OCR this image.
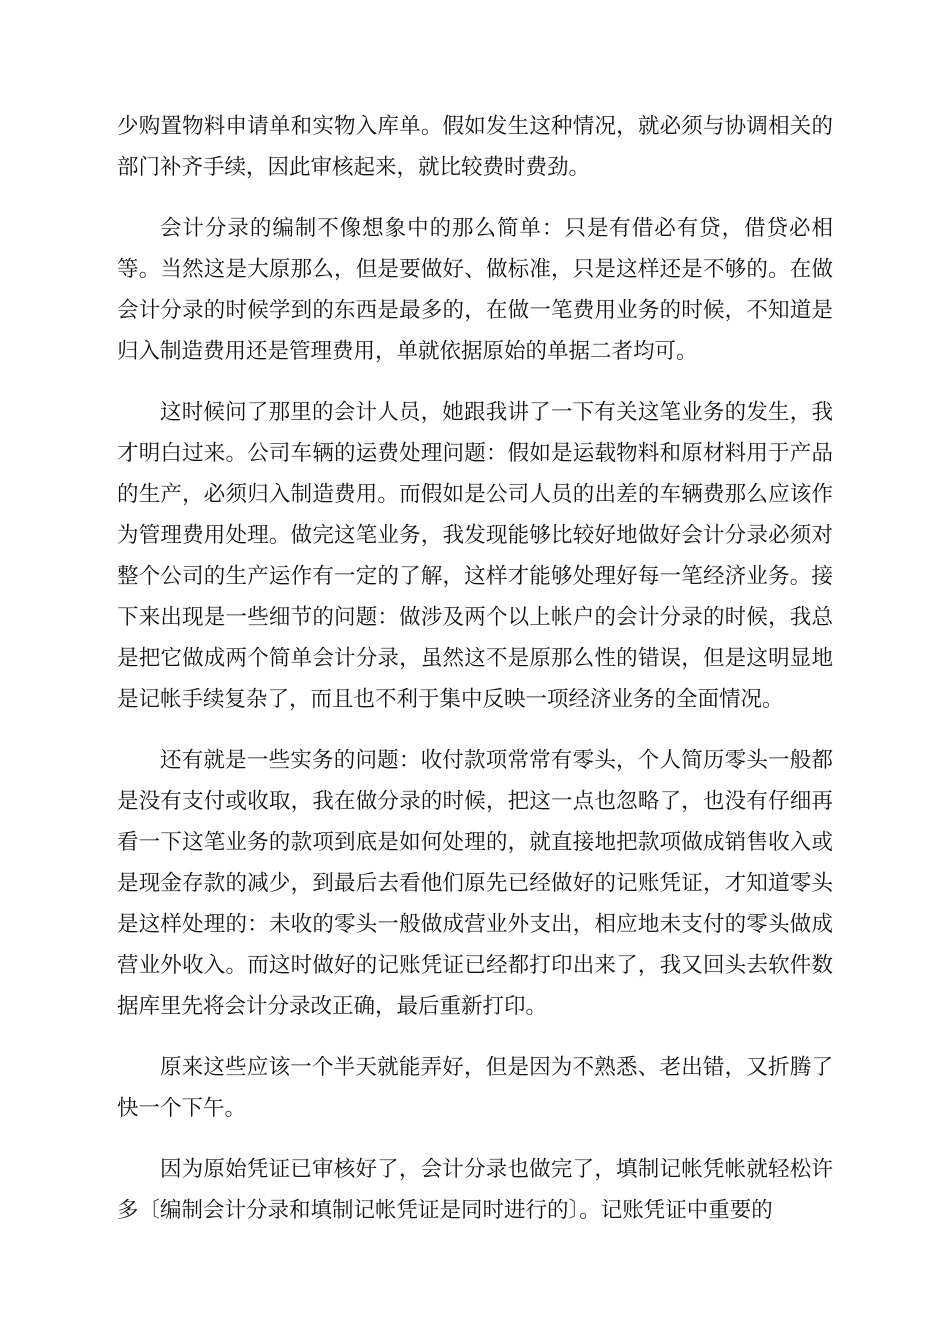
少购置物料申请单和实物入库单。假如发生这种情况，就必须与协调相关的部门补齐手续，因此审核起来，就比较费时费劲。

会计分录的编制不像想象中的那么简单：只是有借必有贷，借贷必相等。当然这是大原那么，但是要做好、做标准，只是这样还是不够的。在做会计分录的时候学到的东西是最多的，在做一笔费用业务的时候，不知道是归入制造费用还是管理费用，单就依据原始的单据二者均可。

这时候问了那里的会计人员，她跟我讲了一下有关这笔业务的发生，我才明白过来。公司车辆的运费处理问题：假如是运载物料和原材料用于产品的生产，必须归入制造费用。而假如是公司人员的出差的车辆费那么应该作为管理费用处理。做完这笔业务，我发现能够比较好地做好会计分录必须对整个公司的生产运作有一定的了解，这样才能够处理好每一笔经济业务。接下来出现是一些细节的问题：做涉及两个以上帐户的会计分录的时候，我总是把它做成两个简单会计分录，虽然这不是原那么性的错误，但是这明显地是记帐手续复杂了，而且也不利于集中反映一项经济业务的全面情况。

还有就是一些实务的问题：收付款项常常有零头，个人简历零头一般都是没有支付或收取，我在做分录的时候，把这一点也忽略了，也没有仔细再看一下这笔业务的款项到底是如何处理的，就直接地把款项做成销售收入或是现金存款的减少，到最后去看他们原先已经做好的记账凭证，才知道零头是这样处理的：未收的零头一般做成营业外支出，相应地未支付的零头做成营业外收入。而这时做好的记账凭证已经都打印出来了，我又回头去软件数据库里先将会计分录改正确，最后重新打印。

原来这些应该一个半天就能弄好，但是因为不熟悉、老出错，又折腾了快一个下午。

因为原始凭证已审核好了，会计分录也做完了，填制记帐凭帐就轻松许多〔编制会计分录和填制记帐凭证是同时进行的〕。记账凭证中重要的
